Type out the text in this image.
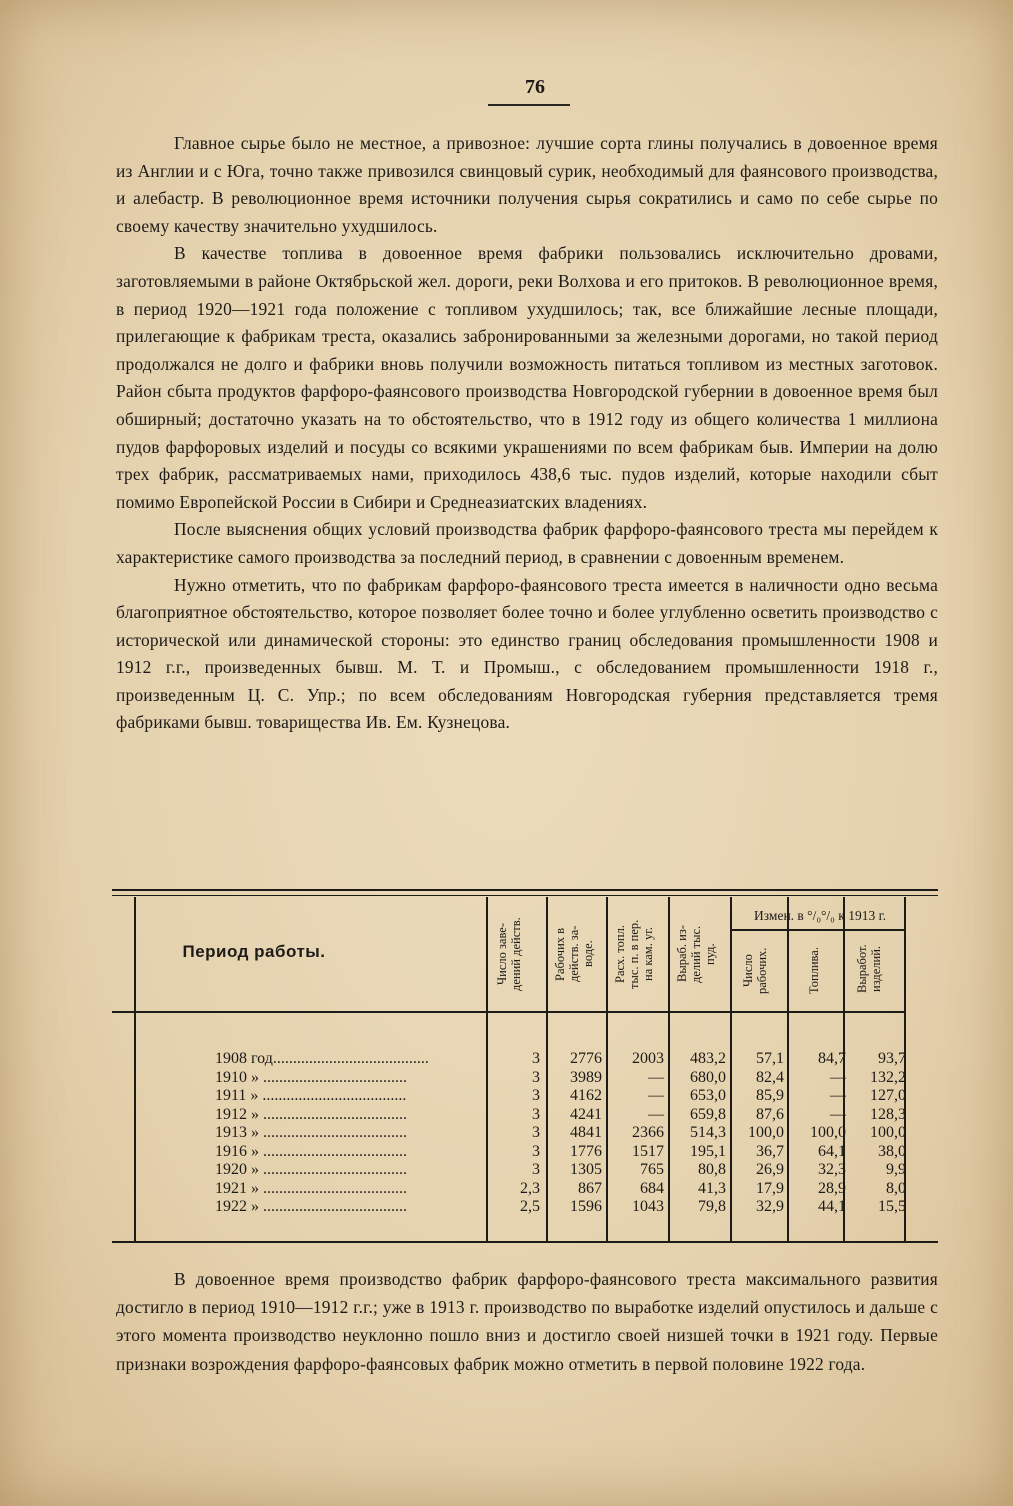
76

Главное сырье было не местное, а привозное: лучшие сорта глины получались в довоенное время из Англии и с Юга, точно также привозился свинцовый сурик, необходимый для фаянсового производства, и алебастр. В революционное время источники получения сырья сократились и само по себе сырье по своему качеству значительно ухудшилось.

В качестве топлива в довоенное время фабрики пользовались исключительно дровами, заготовляемыми в районе Октябрьской жел. дороги, реки Волхова и его притоков. В революционное время, в период 1920—1921 года положение с топливом ухудшилось; так, все ближайшие лесные площади, прилегающие к фабрикам треста, оказались забронированными за железными дорогами, но такой период продолжался не долго и фабрики вновь получили возможность питаться топливом из местных заготовок. Район сбыта продуктов фарфоро-фаянсового производства Новгородской губернии в довоенное время был обширный; достаточно указать на то обстоятельство, что в 1912 году из общего количества 1 миллиона пудов фарфоровых изделий и посуды со всякими украшениями по всем фабрикам быв. Империи на долю трех фабрик, рассматриваемых нами, приходилось 438,6 тыс. пудов изделий, которые находили сбыт помимо Европейской России в Сибири и Среднеазиатских владениях.

После выяснения общих условий производства фабрик фарфоро-фаянсового треста мы перейдем к характеристике самого производства за последний период, в сравнении с довоенным временем.

Нужно отметить, что по фабрикам фарфоро-фаянсового треста имеется в наличности одно весьма благоприятное обстоятельство, которое позволяет более точно и более углубленно осветить производство с исторической или динамической стороны: это единство границ обследования промышленности 1908 и 1912 г.г., произведенных бывш. М. Т. и Промыш., с обследованием промышленности 1918 г., произведенным Ц. С. Упр.; по всем обследованиям Новгородская губерния представляется тремя фабриками бывш. товарищества Ив. Ем. Кузнецова.

Период работы.
Измен. в °/₀°/₀ к 1913 г.
Число заве-
дений действ.
Рабочих в
действ. за-
воде.
Расх. топл.
тыс. п. в пер.
на кам. уг.
Выраб. из-
делий тыс.
пуд.
Число
рабочих.	Топлива.	Выработ.
изделий.
1908 год.......................................	3	2776	2003	483,2	57,1	84,7	93,7
1910 » ....................................	3	3989	—	680,0	82,4	—	132,2
1911 » ....................................	3	4162	—	653,0	85,9	—	127,0
1912 » ....................................	3	4241	—	659,8	87,6	—	128,3
1913 » ....................................	3	4841	2366	514,3	100,0	100,0	100,0
1916 » ....................................	3	1776	1517	195,1	36,7	64,1	38,0
1920 » ....................................	3	1305	765	80,8	26,9	32,3	9,9
1921 » ....................................	2,3	867	684	41,3	17,9	28,9	8,0
1922 » ....................................	2,5	1596	1043	79,8	32,9	44,1	15,5

В довоенное время производство фабрик фарфоро-фаянсового треста максимального развития достигло в период 1910—1912 г.г.; уже в 1913 г. производство по выработке изделий опустилось и дальше с этого момента производство неуклонно пошло вниз и достигло своей низшей точки в 1921 году. Первые признаки возрождения фарфоро-фаянсовых фабрик можно отметить в первой половине 1922 года.
